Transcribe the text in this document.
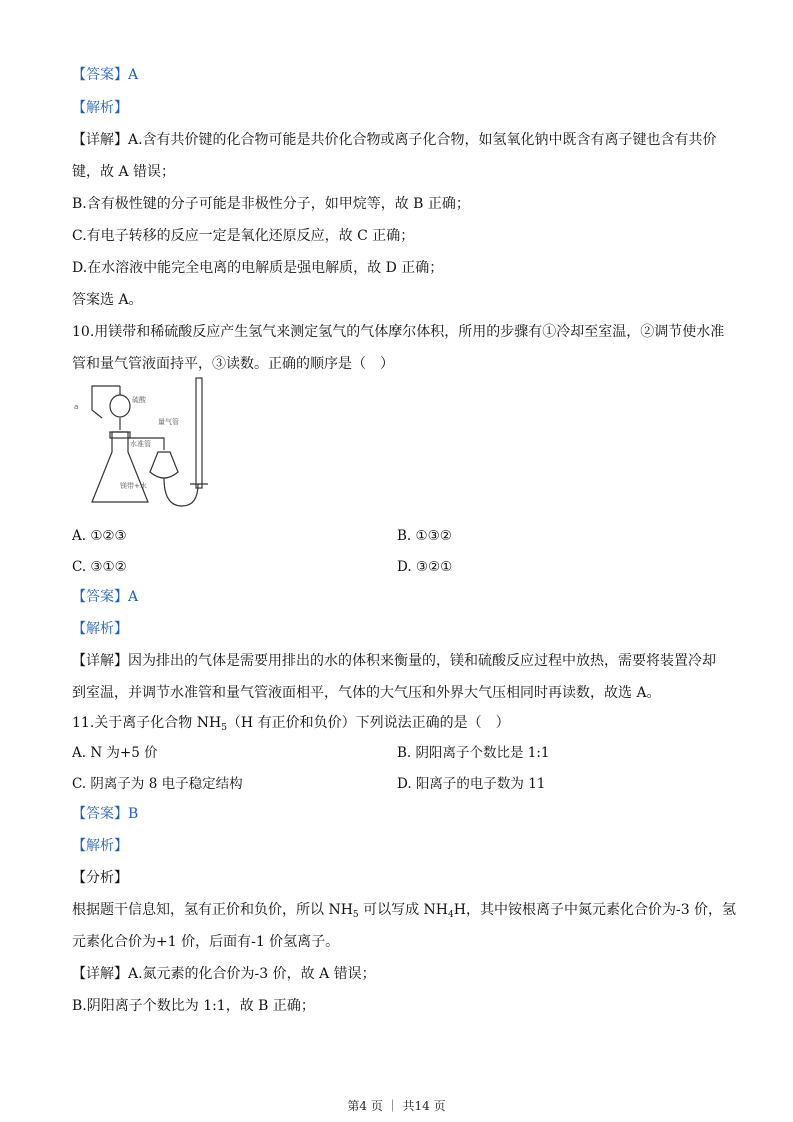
【答案】A
【解析】
【详解】A.含有共价键的化合物可能是共价化合物或离子化合物，如氢氧化钠中既含有离子键也含有共价
键，故 A 错误；
B.含有极性键的分子可能是非极性分子，如甲烷等，故 B 正确；
C.有电子转移的反应一定是氧化还原反应，故 C 正确；
D.在水溶液中能完全电离的电解质是强电解质，故 D 正确；
答案选 A。
10.用镁带和稀硫酸反应产生氢气来测定氢气的气体摩尔体积，所用的步骤有①冷却至室温，②调节使水准
管和量气管液面持平，③读数。正确的顺序是（　）
a
硫酸
量气管
水准管
镁带+水
A. ①②③	B. ①③②
C. ③①②	D. ③②①
【答案】A
【解析】
【详解】因为排出的气体是需要用排出的水的体积来衡量的，镁和硫酸反应过程中放热，需要将装置冷却
到室温，并调节水准管和量气管液面相平，气体的大气压和外界大气压相同时再读数，故选 A。
11.关于离子化合物 $NH_5(H$ 有正价和负价）下列说法正确的是（　）
A. N 为+5 价	B. 阴阳离子个数比是 1:1
C. 阴离子为 8 电子稳定结构	D. 阳离子的电子数为 11
【答案】B
【解析】
【分析】
根据题干信息知，氢有正价和负价，所以 $NH_5$ 可以写成 $NH_4H$，其中铵根离子中氮元素化合价为-3 价，氢
元素化合价为+1 价，后面有-1 价氢离子。
【详解】A.氮元素的化合价为-3 价，故 A 错误；
B.阴阳离子个数比为 1:1，故 B 正确；
第4 页 ｜ 共14 页
